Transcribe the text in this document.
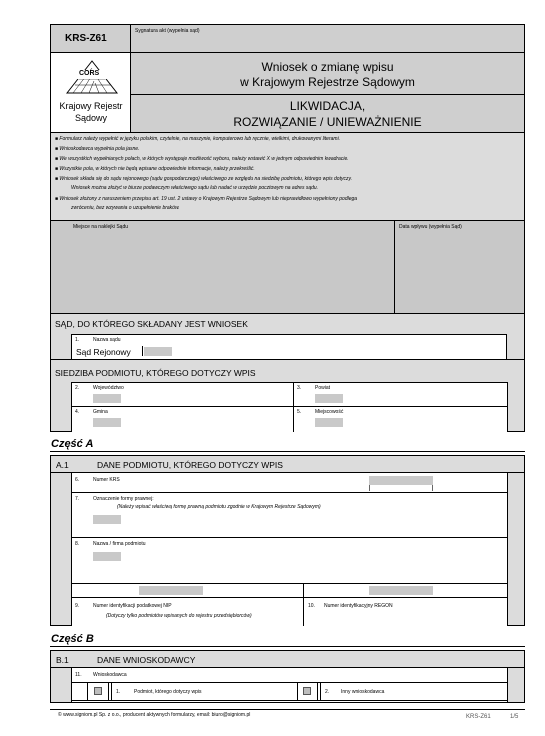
KRS-Z61
Sygnatura akt (wypełnia sąd)
CORS
Krajowy Rejestr Sądowy
Wniosek o zmianę wpisu
w Krajowym Rejestrze Sądowym
LIKWIDACJA,
ROZWIĄZANIE / UNIEWAŻNIENIE
■ Formularz należy wypełnić w języku polskim, czytelnie, na maszynie, komputerowo lub ręcznie, wielkimi, drukowanymi literami.
■ Wnioskodawca wypełnia pola jasne.
■ We wszystkich wypełnianych polach, w których występuje możliwość wyboru, należy wstawić X w jednym odpowiednim kwadracie.
■ Wszystkie pola, w których nie będą wpisane odpowiednie informacje, należy przekreślić.
■ Wniosek składa się do sądu rejonowego (sądu gospodarczego) właściwego ze względu na siedzibę podmiotu, którego wpis dotyczy.
Wniosek można złożyć w biurze podawczym właściwego sądu lub nadać w urzędzie pocztowym na adres sądu.
■ Wniosek złożony z naruszeniem przepisu art. 19 ust. 2 ustawy o Krajowym Rejestrze Sądowym lub nieprawidłowo wypełniony podlega
zwróceniu, bez wzywania o uzupełnienie braków.
Miejsce na naklejki Sądu	Data wpływu (wypełnia Sąd)
SĄD, DO KTÓREGO SKŁADANY JEST WNIOSEK
1.	Nazwa sądu
Sąd Rejonowy
SIEDZIBA PODMIOTU, KTÓREGO DOTYCZY WPIS
2.	Województwo	3.	Powiat
4.	Gmina	5.	Miejscowość
Część A
A.1	DANE PODMIOTU, KTÓREGO DOTYCZY WPIS
6.	Numer KRS
7.	Oznaczenie formy prawnej:
(Należy wpisać właściwą formę prawną podmiotu zgodnie w Krajowym Rejestrze Sądowym)
8.	Nazwa / firma podmiotu
9.	Numer identyfikacji podatkowej NIP
(Dotyczy tylko podmiotów wpisanych do rejestru przedsiębiorców)
10. Numer identyfikacyjny REGON
Część B
B.1	DANE WNIOSKODAWCY
11. Wnioskodawca
1.	Podmiot, którego dotyczy wpis	2. Inny wnioskodawca
© www.signiom.pl Sp. z o.o., producent aktywnych formularzy, email: biuro@signiom.pl	KRS-Z61	1/5
